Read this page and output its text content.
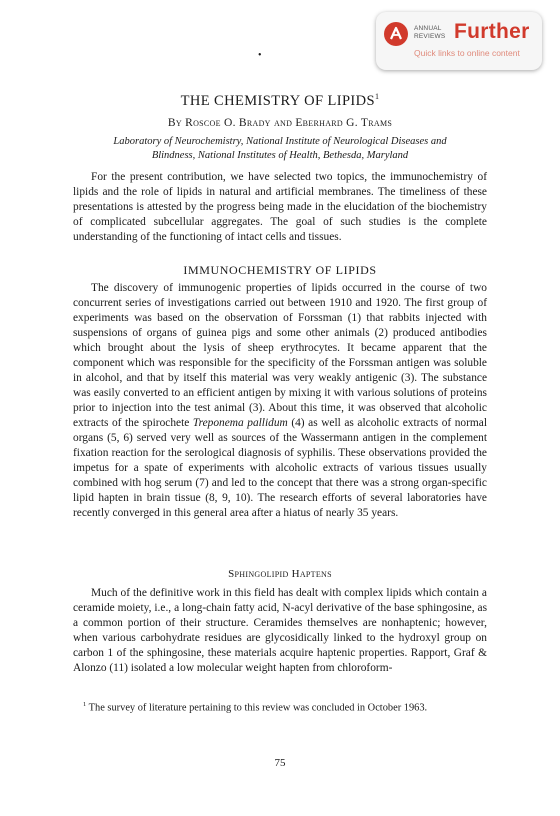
ANNUAL
REVIEWS Further
Quick links to online content
•
THE CHEMISTRY OF LIPIDS$^1$
By Roscoe O. Brady and Eberhard G. Trams
Laboratory of Neurochemistry, National Institute of Neurological Diseases and
Blindness, National Institutes of Health, Bethesda, Maryland

For the present contribution, we have selected two topics, the immunochemistry of lipids and the role of lipids in natural and artificial membranes. The timeliness of these presentations is attested by the progress being made in the elucidation of the biochemistry of complicated subcellular aggregates. The goal of such studies is the complete understanding of the functioning of intact cells and tissues.

IMMUNOCHEMISTRY OF LIPIDS

The discovery of immunogenic properties of lipids occurred in the course of two concurrent series of investigations carried out between 1910 and 1920. The first group of experiments was based on the observation of Forssman (1) that rabbits injected with suspensions of organs of guinea pigs and some other animals (2) produced antibodies which brought about the lysis of sheep erythrocytes. It became apparent that the component which was responsible for the specificity of the Forssman antigen was soluble in alcohol, and that by itself this material was very weakly antigenic (3). The substance was easily converted to an efficient antigen by mixing it with various solutions of proteins prior to injection into the test animal (3). About this time, it was observed that alcoholic extracts of the spirochete Treponema pallidum (4) as well as alcoholic extracts of normal organs (5, 6) served very well as sources of the Wassermann antigen in the complement fixation reaction for the serological diagnosis of syphilis. These observations provided the impetus for a spate of experiments with alcoholic extracts of various tissues usually combined with hog serum (7) and led to the concept that there was a strong organ-specific lipid hapten in brain tissue (8, 9, 10). The research efforts of several laboratories have recently converged in this general area after a hiatus of nearly 35 years.

Sphingolipid Haptens

Much of the definitive work in this field has dealt with complex lipids which contain a ceramide moiety, i.e., a long-chain fatty acid, N-acyl derivative of the base sphingosine, as a common portion of their structure. Ceramides themselves are nonhaptenic; however, when various carbohydrate residues are glycosidically linked to the hydroxyl group on carbon 1 of the sphingosine, these materials acquire haptenic properties. Rapport, Graf & Alonzo (11) isolated a low molecular weight hapten from chloroform-

$^1$ The survey of literature pertaining to this review was concluded in October 1963.

75
